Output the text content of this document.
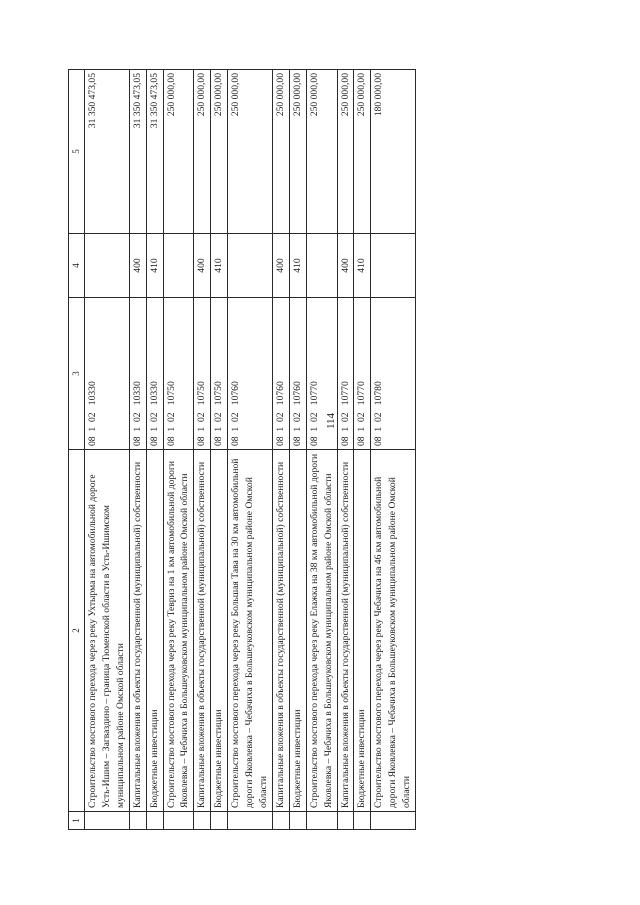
114
1	2	3	4	5
	Строительство мостового перехода через реку Ухтырма на автомобильной дороге Усть-Ишим – Загваздино – граница Тюменской области в Усть-Ишимском муниципальном районе Омской области	08  1  02   10330		31 350 473,05
	Капитальные вложения в объекты государственной (муниципальной) собственности	08  1  02   10330	400	31 350 473,05
	Бюджетные инвестиции	08  1  02   10330	410	31 350 473,05
	Строительство мостового перехода через реку Тевриз на 1 км автомобильной дороги Яковлевка – Чебачиха в Большеуковском муниципальном районе Омской области	08  1  02   10750		250 000,00
	Капитальные вложения в объекты государственной (муниципальной) собственности	08  1  02   10750	400	250 000,00
	Бюджетные инвестиции	08  1  02   10750	410	250 000,00
	Строительство мостового перехода через реку Большая Тава на 30 км автомобильной дороги Яковлевка – Чебачиха в Большеуковском муниципальном районе Омской области	08  1  02   10760		250 000,00
	Капитальные вложения в объекты государственной (муниципальной) собственности	08  1  02   10760	400	250 000,00
	Бюджетные инвестиции	08  1  02   10760	410	250 000,00
	Строительство мостового перехода через реку Елажка на 38 км автомобильной дороги Яковлевка – Чебачиха в Большеуковском муниципальном районе Омской области	08  1  02   10770		250 000,00
	Капитальные вложения в объекты государственной (муниципальной) собственности	08  1  02   10770	400	250 000,00
	Бюджетные инвестиции	08  1  02   10770	410	250 000,00
	Строительство мостового перехода через реку Чебачиха на 46 км автомобильной дороги Яковлевка – Чебачиха в Большеуковском муниципальном районе Омской области	08  1  02   10780		180 000,00
